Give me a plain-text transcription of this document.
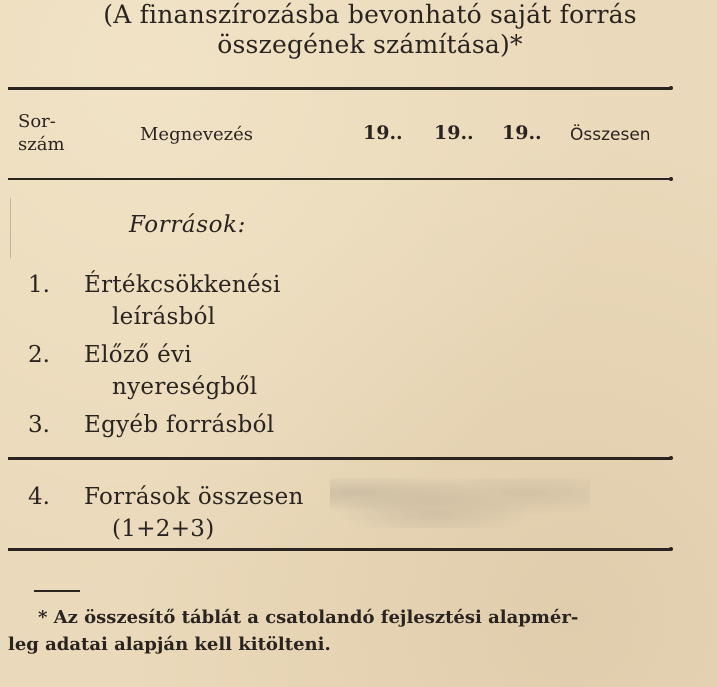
(A finanszírozásba bevonható saját forrás
összegének számítása)*
Sor-
szám	Megnevezés	19.. 19.. 19.. Összesen
Források:
1. Értékcsökkenési
leírásból
2. Előző évi
nyereségből
3. Egyéb forrásból
4. Források összesen
(1+2+3)
* Az összesítő táblát a csatolandó fejlesztési alapmér-
leg adatai alapján kell kitölteni.
